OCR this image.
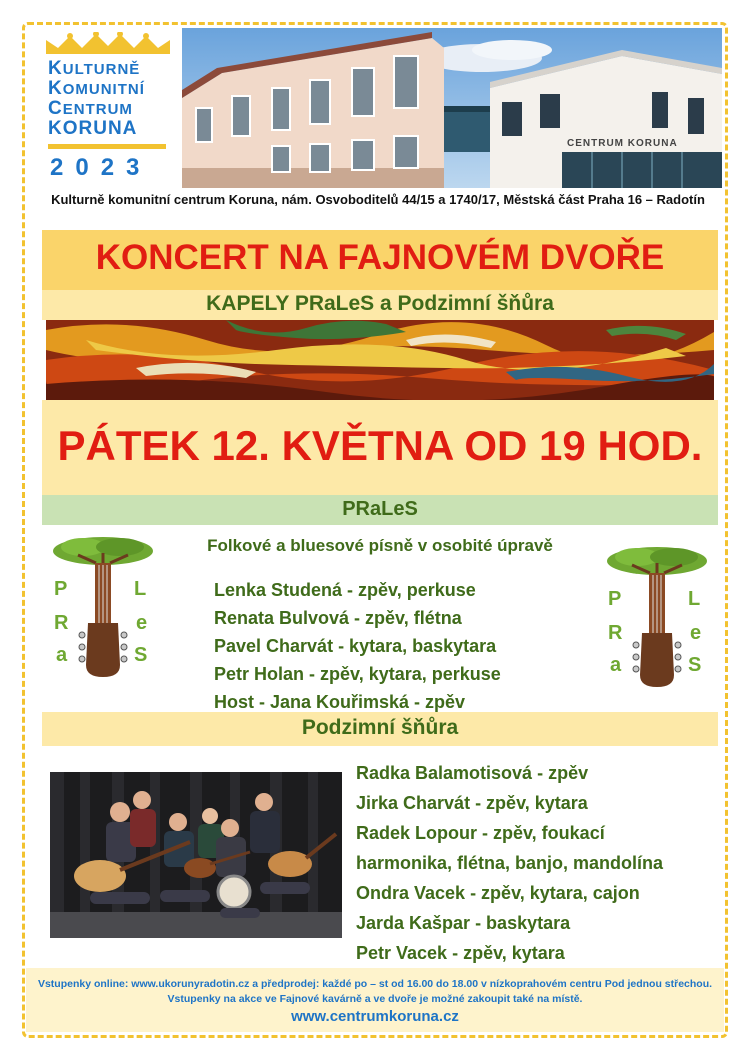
KULTURNĚ
KOMUNITNÍ
CENTRUM
KORUNA
2023
CENTRUM KORUNA
Kulturně komunitní centrum Koruna, nám. Osvoboditelů 44/15 a 1740/17, Městská část Praha 16 – Radotín
KONCERT NA FAJNOVÉM DVOŘE
KAPELY PRaLeS a Podzimní šňůra
PÁTEK 12. KVĚTNA OD 19 HOD.
PRaLeS
Folkové a bluesové písně v osobité úpravě
P
R
a
L
e
S
P
R
a
L
e
S
Lenka Studená - zpěv, perkuse
Renata Bulvová - zpěv, flétna
Pavel Charvát - kytara, baskytara
Petr Holan - zpěv, kytara, perkuse
Host - Jana Kouřimská - zpěv
Podzimní šňůra
Radka Balamotisová - zpěv
Jirka Charvát - zpěv, kytara
Radek Lopour - zpěv, foukací
harmonika, flétna, banjo, mandolína
Ondra Vacek - zpěv, kytara, cajon
Jarda Kašpar - baskytara
Petr Vacek - zpěv, kytara
Vstupenky online: www.ukorunyradotin.cz a předprodej: každé po – st od 16.00 do 18.00 v nízkoprahovém centru Pod jednou střechou.
Vstupenky na akce ve Fajnové kavárně a ve dvoře je možné zakoupit také na místě.
www.centrumkoruna.cz
